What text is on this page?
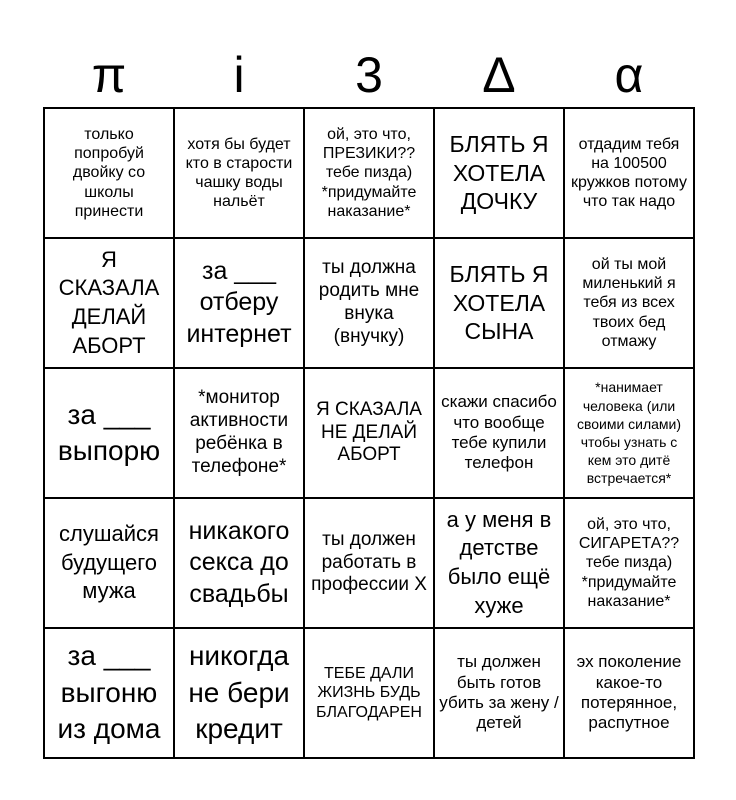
π	i	3	Δ	α
только попробуй двойку со школы принести
хотя бы будет кто в старости чашку воды нальёт
ой, это что, ПРЕЗИКИ?? тебе пизда) *придумайте наказание*
БЛЯТЬ Я ХОТЕЛА ДОЧКУ
отдадим тебя на 100500 кружков потому что так надо
Я СКАЗАЛА ДЕЛАЙ АБОРТ
за ___ отберу интернет
ты должна родить мне внука (внучку)
БЛЯТЬ Я ХОТЕЛА СЫНА
ой ты мой миленький я тебя из всех твоих бед отмажу
за ___ выпорю
*монитор активности ребёнка в телефоне*
Я СКАЗАЛА НЕ ДЕЛАЙ АБОРТ
скажи спасибо что вообще тебе купили телефон
*нанимает человека (или своими силами) чтобы узнать с кем это дитё встречается*
слушайся будущего мужа
никакого секса до свадьбы
ты должен работать в профессии Х
а у меня в детстве было ещё хуже
ой, это что, СИГАРЕТА?? тебе пизда) *придумайте наказание*
за ___ выгоню из дома
никогда не бери кредит
ТЕБЕ ДАЛИ ЖИЗНЬ БУДЬ БЛАГОДАРЕН
ты должен быть готов убить за жену / детей
эх поколение какое-то потерянное, распутное
